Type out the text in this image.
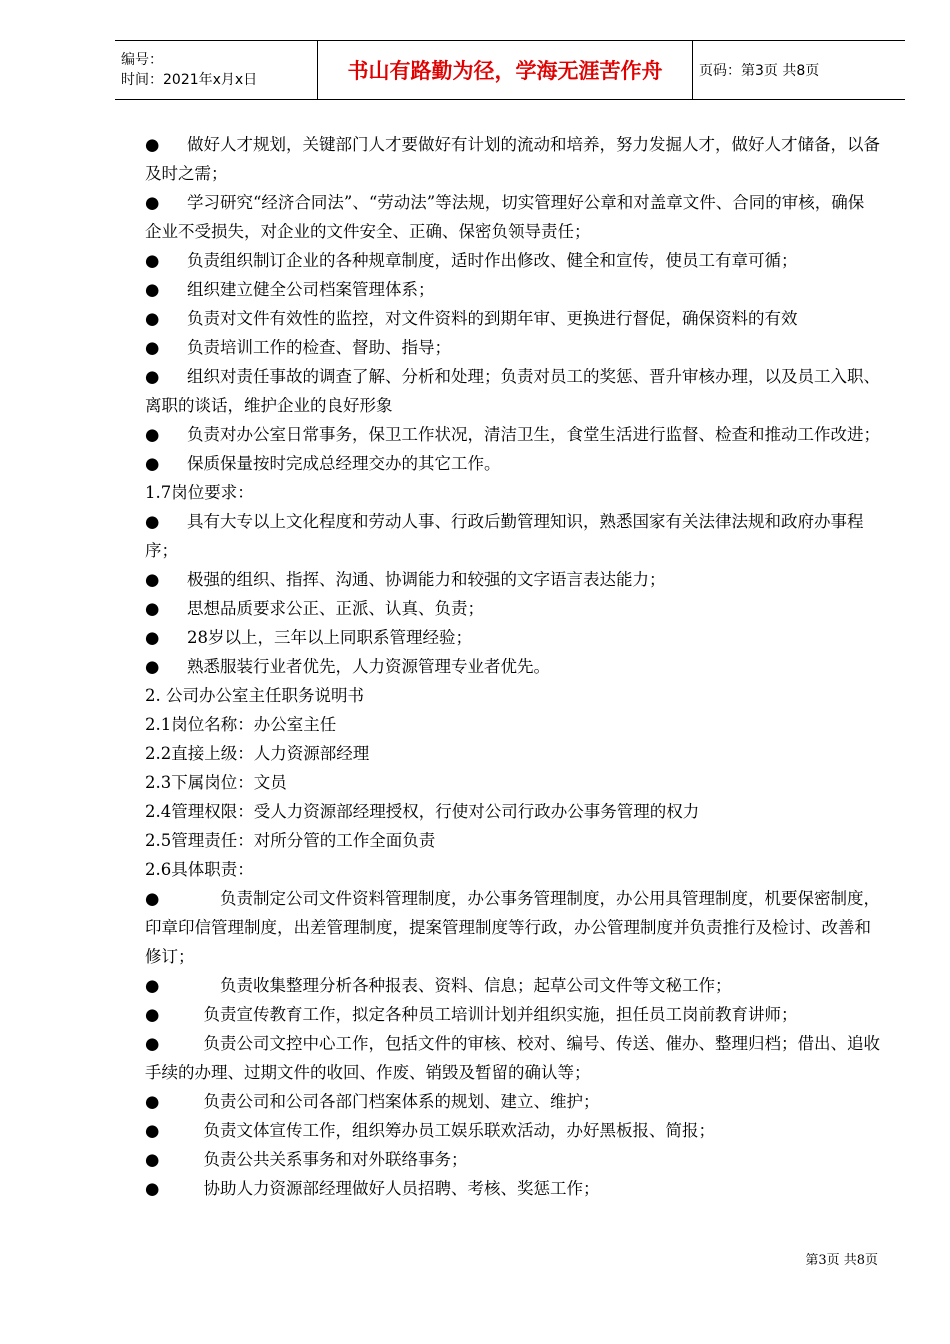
编号：
时间：2021年x月x日	书山有路勤为径，学海无涯苦作舟	页码：第3页 共8页

● 做好人才规划，关键部门人才要做好有计划的流动和培养，努力发掘人才，做好人才储备，以备及时之需；

● 学习研究“经济合同法”、“劳动法”等法规，切实管理好公章和对盖章文件、合同的审核，确保企业不受损失，对企业的文件安全、正确、保密负领导责任；

● 负责组织制订企业的各种规章制度，适时作出修改、健全和宣传，使员工有章可循；

● 组织建立健全公司档案管理体系；

● 负责对文件有效性的监控，对文件资料的到期年审、更换进行督促，确保资料的有效

● 负责培训工作的检查、督助、指导；

● 组织对责任事故的调查了解、分析和处理；负责对员工的奖惩、晋升审核办理，以及员工入职、离职的谈话，维护企业的良好形象

● 负责对办公室日常事务，保卫工作状况，清洁卫生，食堂生活进行监督、检查和推动工作改进；

● 保质保量按时完成总经理交办的其它工作。

1.7岗位要求：

● 具有大专以上文化程度和劳动人事、行政后勤管理知识，熟悉国家有关法律法规和政府办事程序；

● 极强的组织、指挥、沟通、协调能力和较强的文字语言表达能力；

● 思想品质要求公正、正派、认真、负责；

● 28岁以上，三年以上同职系管理经验；

● 熟悉服装行业者优先，人力资源管理专业者优先。

2. 公司办公室主任职务说明书

2.1岗位名称：办公室主任

2.2直接上级：人力资源部经理

2.3下属岗位：文员

2.4管理权限：受人力资源部经理授权，行使对公司行政办公事务管理的权力

2.5管理责任：对所分管的工作全面负责

2.6具体职责：

●　　负责制定公司文件资料管理制度，办公事务管理制度，办公用具管理制度，机要保密制度，印章印信管理制度，出差管理制度，提案管理制度等行政，办公管理制度并负责推行及检讨、改善和修订；

●　　负责收集整理分析各种报表、资料、信息；起草公司文件等文秘工作；

●　负责宣传教育工作，拟定各种员工培训计划并组织实施，担任员工岗前教育讲师；

●　负责公司文控中心工作，包括文件的审核、校对、编号、传送、催办、整理归档；借出、追收手续的办理、过期文件的收回、作废、销毁及暂留的确认等；

●　负责公司和公司各部门档案体系的规划、建立、维护；

●　负责文体宣传工作，组织筹办员工娱乐联欢活动，办好黑板报、简报；

●　负责公共关系事务和对外联络事务；

●　协助人力资源部经理做好人员招聘、考核、奖惩工作；

第3页 共8页
